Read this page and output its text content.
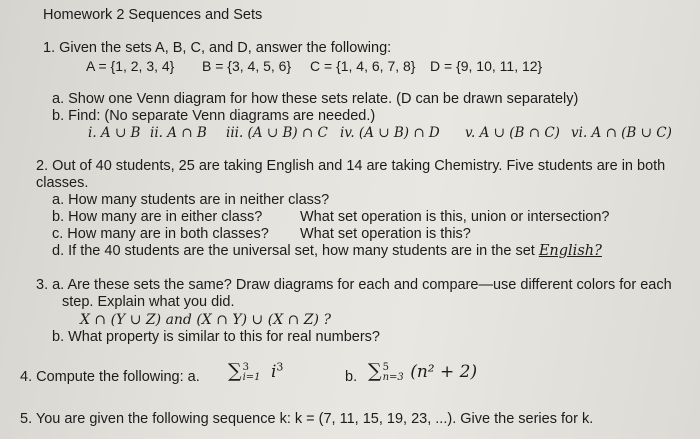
Homework 2 Sequences and Sets
1. Given the sets A, B, C, and D, answer the following:
A = {1, 2, 3, 4} B = {3, 4, 5, 6} C = {1, 4, 6, 7, 8} D = {9, 10, 11, 12}
a. Show one Venn diagram for how these sets relate. (D can be drawn separately)
b. Find: (No separate Venn diagrams are needed.)
i. A ∪ B ii. A ∩ B iii. (A ∪ B) ∩ C iv. (A ∪ B) ∩ D v. A ∪ (B ∩ C) vi. A ∩ (B ∪ C)
2. Out of 40 students, 25 are taking English and 14 are taking Chemistry. Five students are in both
classes.
a. How many students are in neither class?
b. How many are in either class?	What set operation is this, union or intersection?
c. How many are in both classes? What set operation is this?
d. If the 40 students are the universal set, how many students are in the set English?
3. a. Are these sets the same? Draw diagrams for each and compare—use different colors for each
step. Explain what you did.
X ∩ (Y ∪ Z) and (X ∩ Y) ∪ (X ∩ Z) ?
b. What property is similar to this for real numbers?
4. Compute the following: a. ∑ 3
i=1 $i^3$
b. ∑ 5
n=3 (n² + 2)
5. You are given the following sequence k: k = (7, 11, 15, 19, 23, ...). Give the series for k.
